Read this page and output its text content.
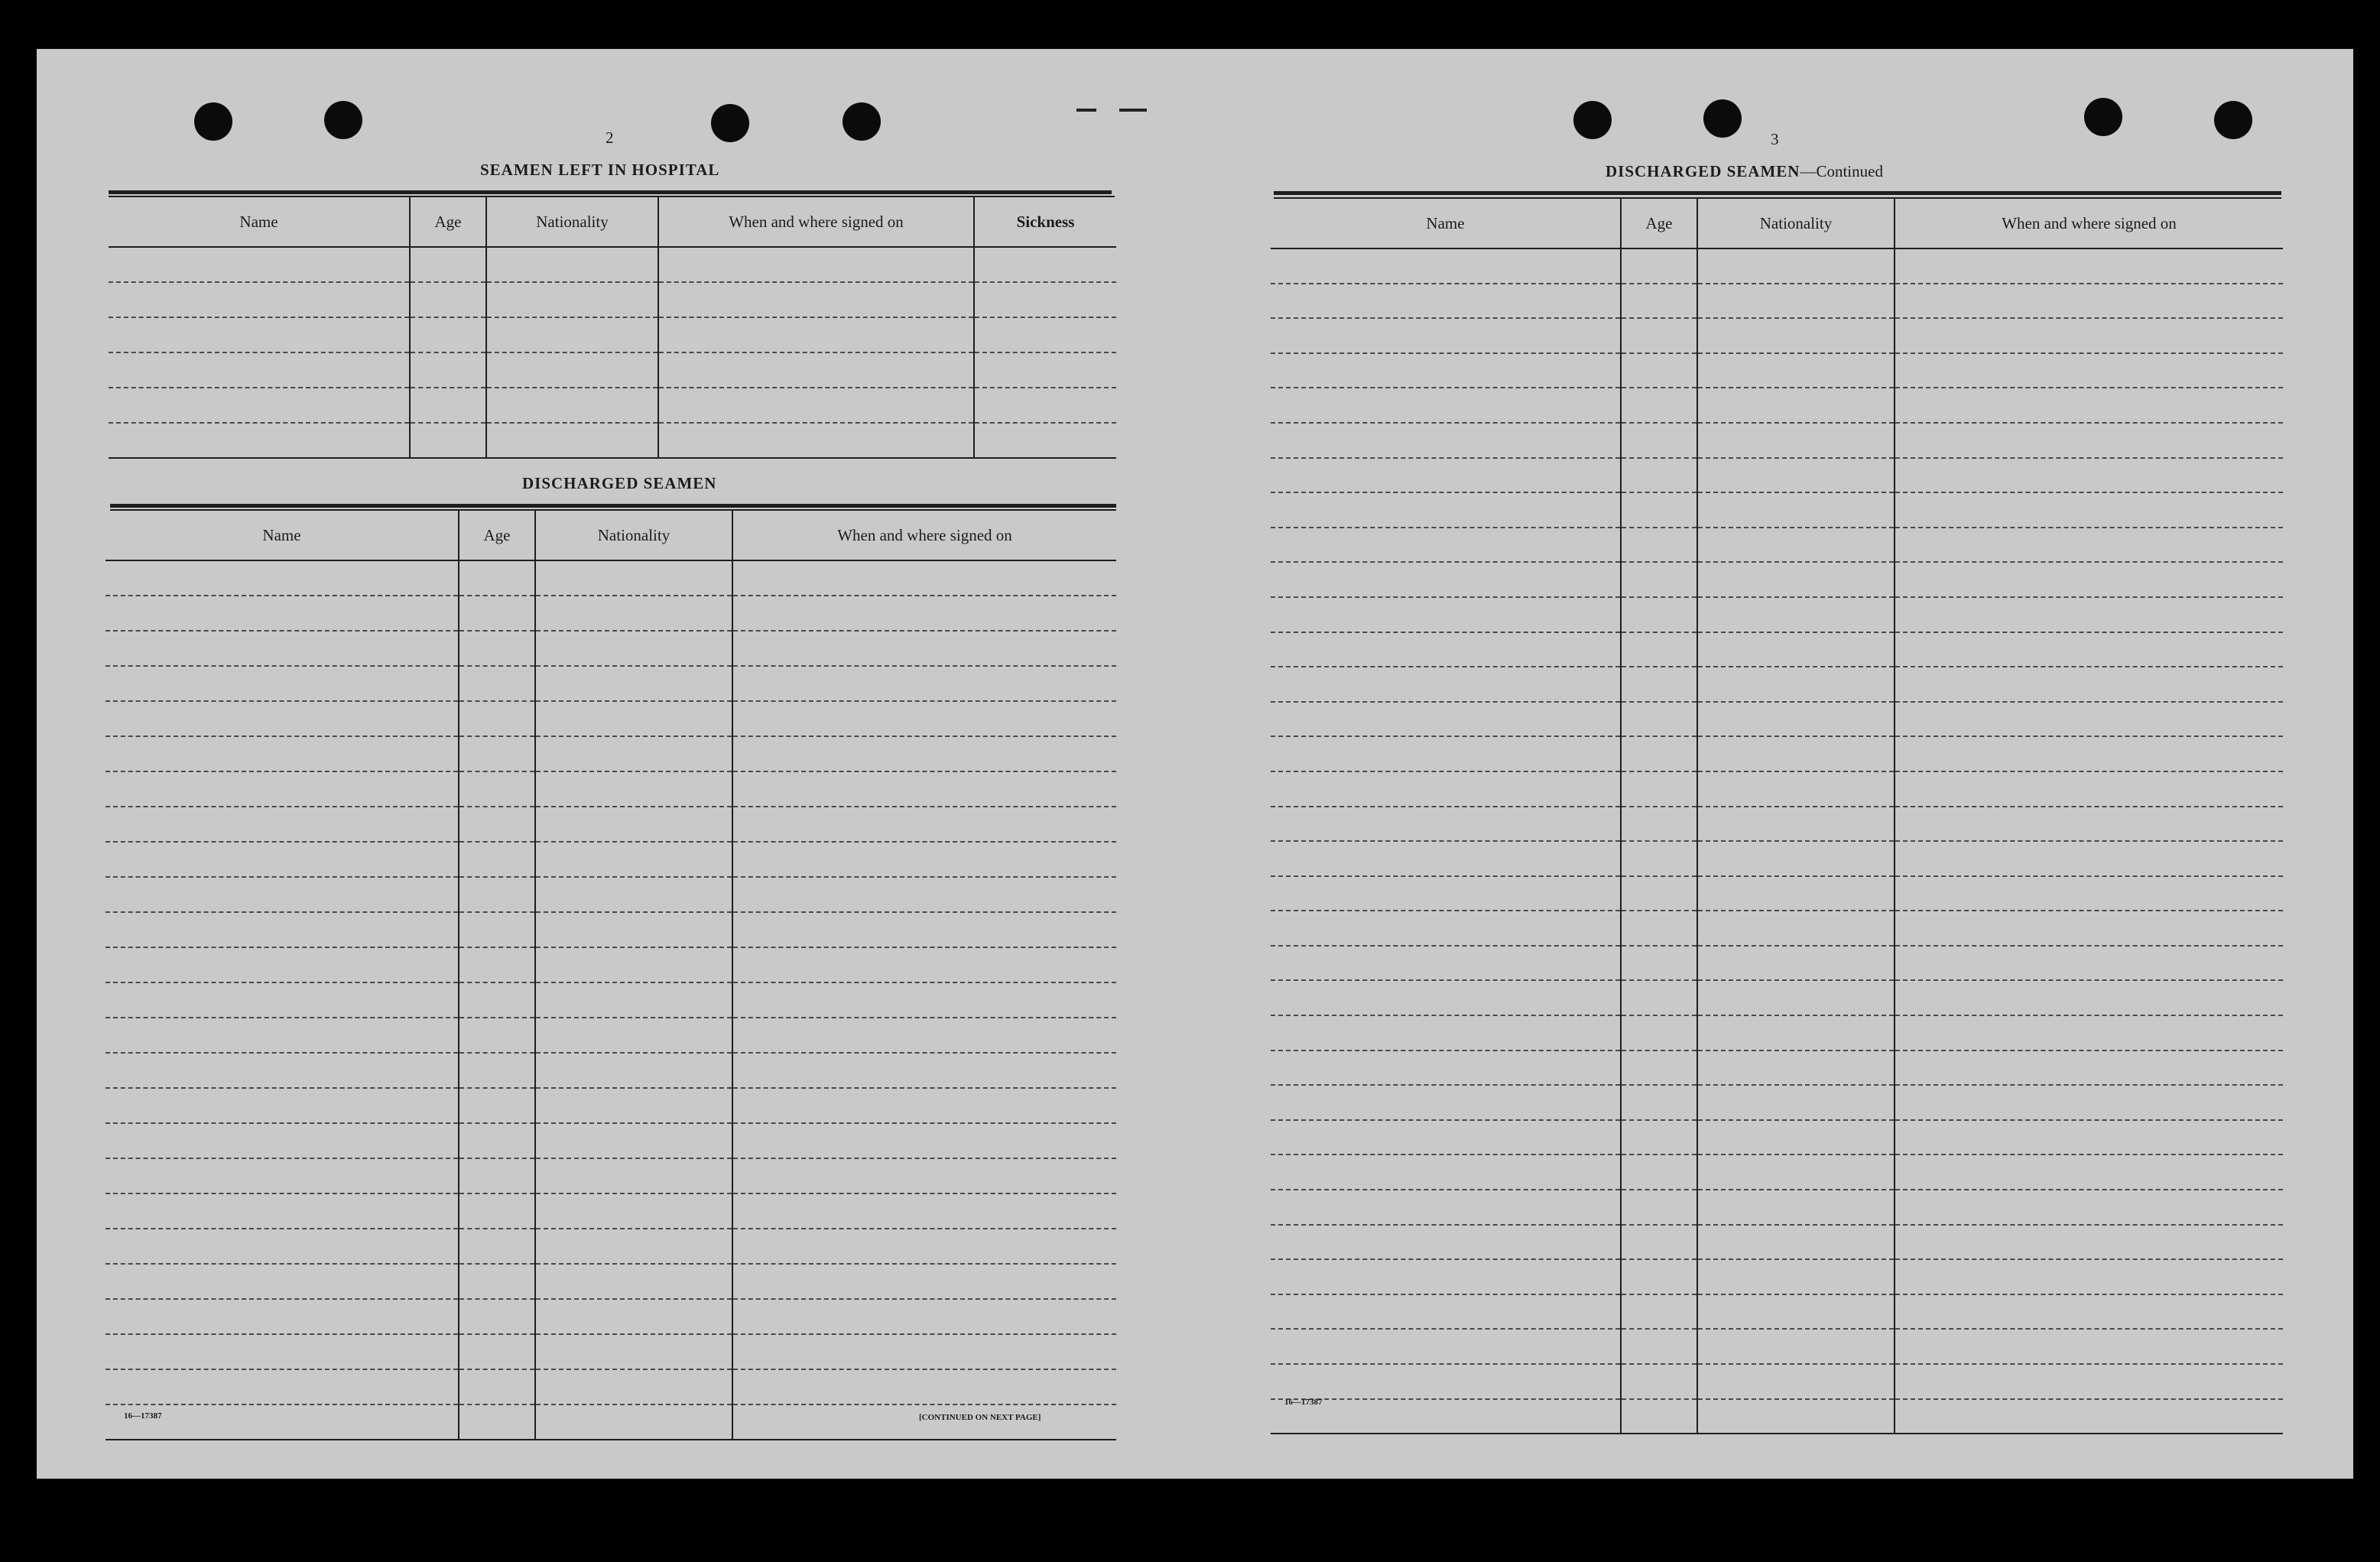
2
SEAMEN LEFT IN HOSPITAL
Name	Age	Nationality	When and where signed on	Sickness

DISCHARGED SEAMEN
Name	Age	Nationality	When and where signed on

16—17387	[CONTINUED ON NEXT PAGE]
3
DISCHARGED SEAMEN—Continued
Name	Age	Nationality	When and where signed on

16—17387
